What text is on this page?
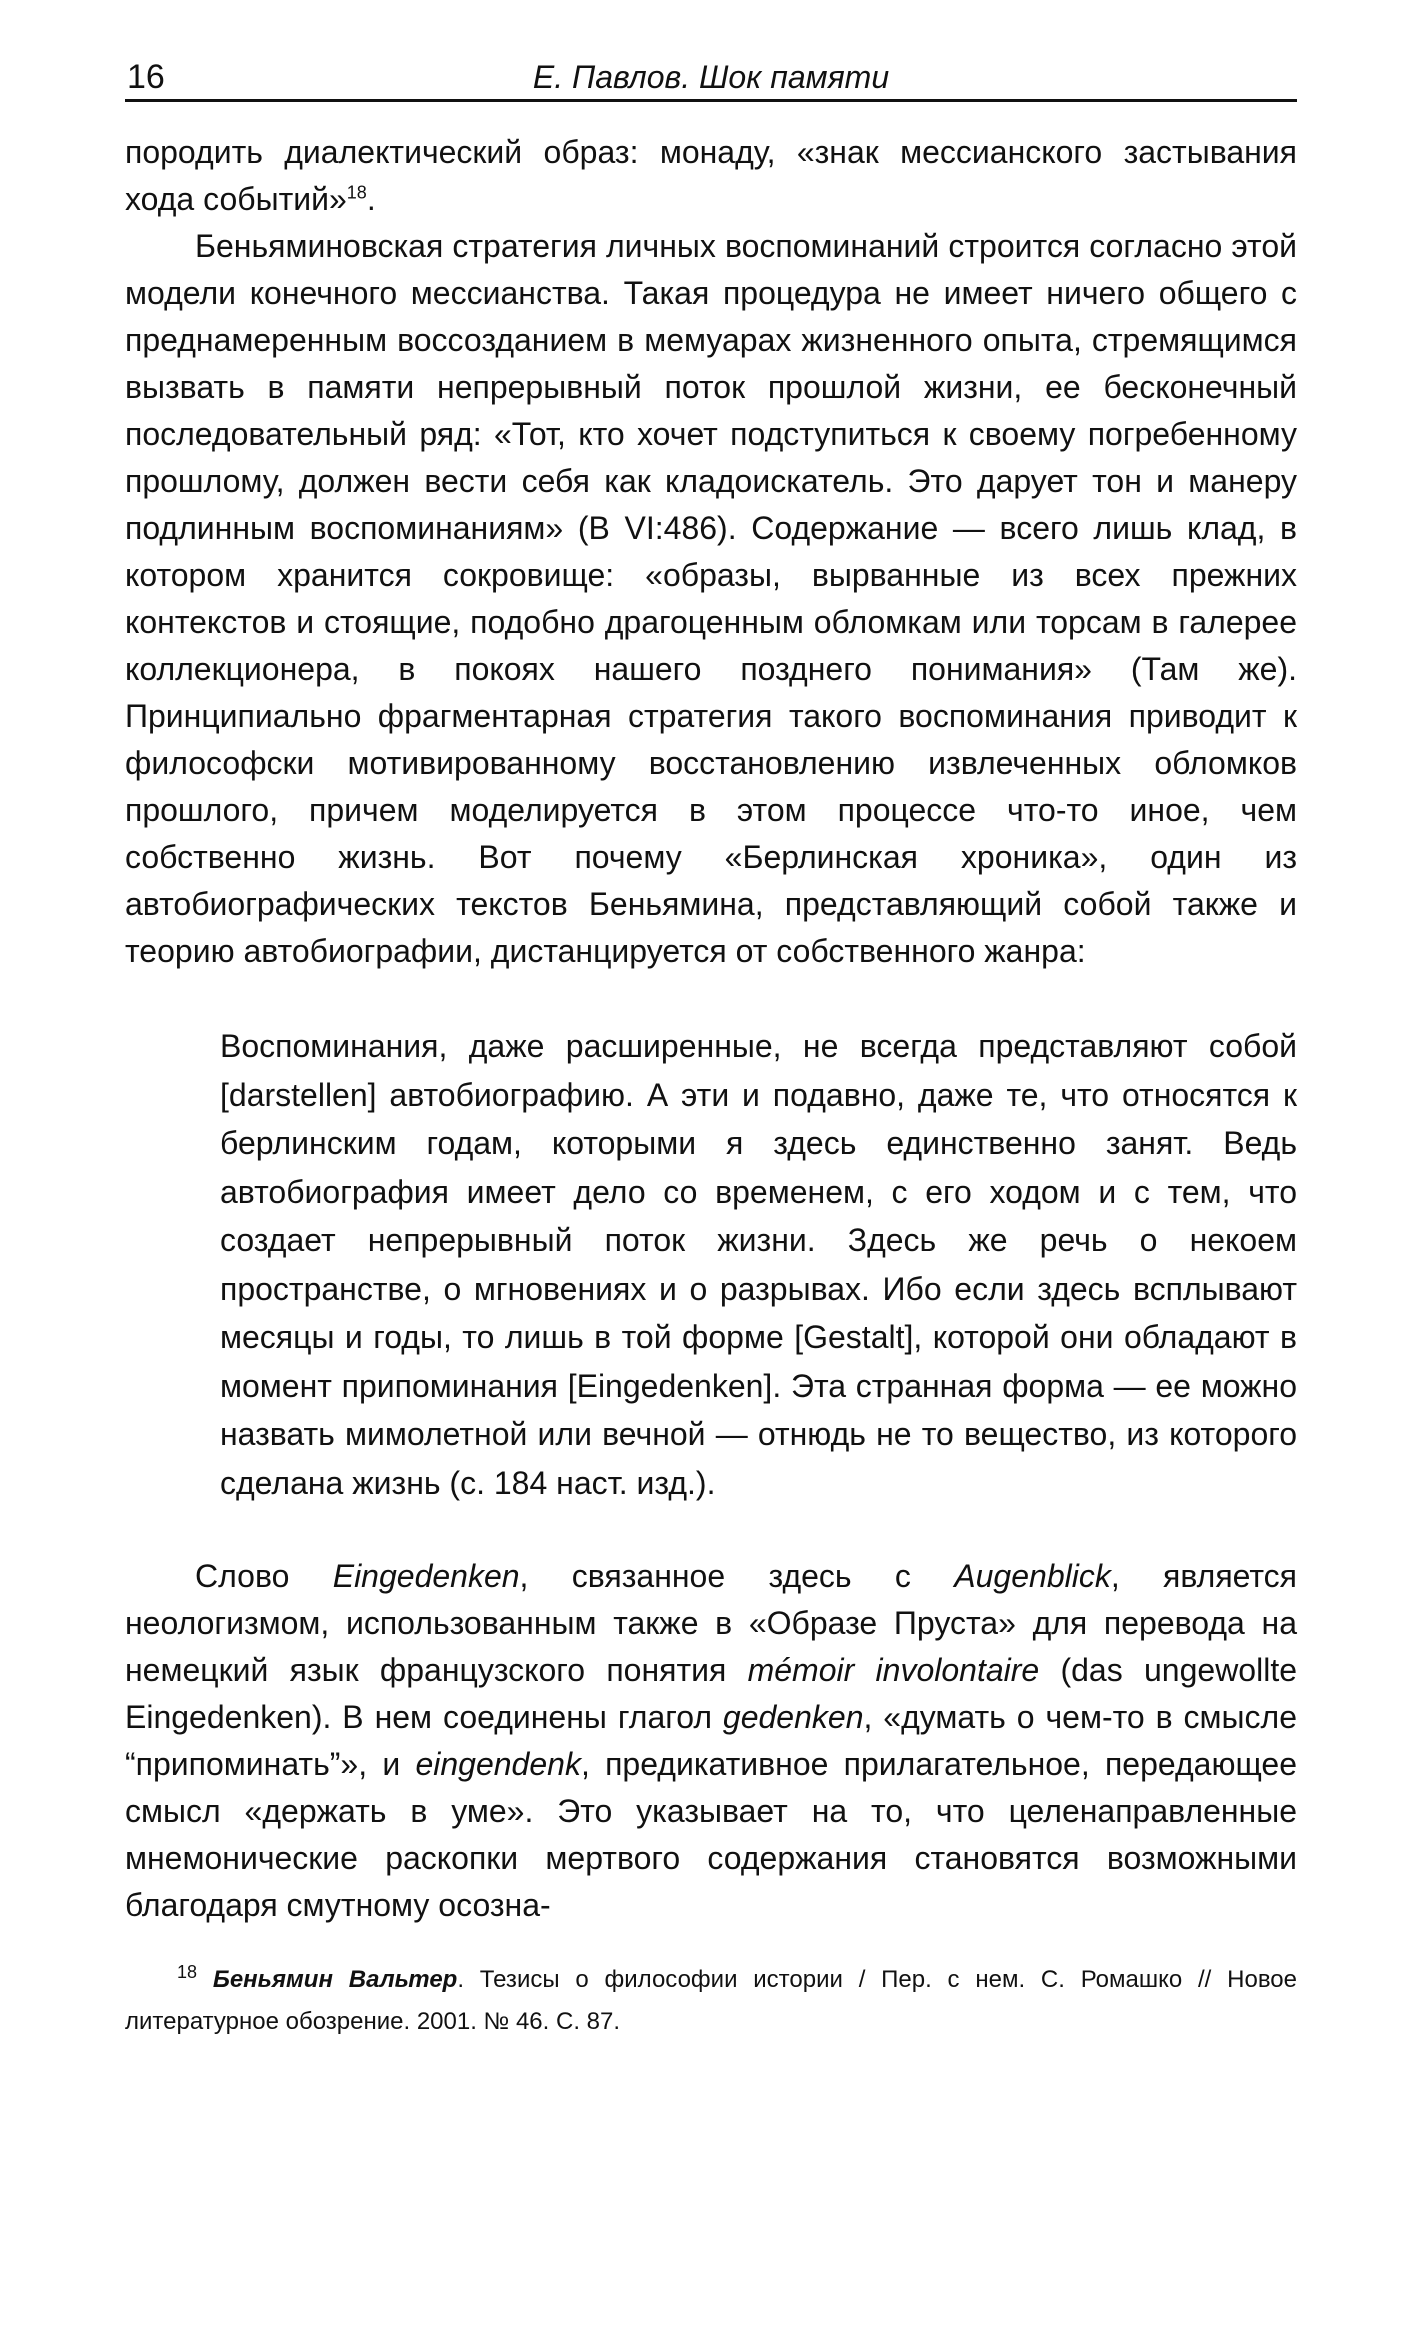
16	Е. Павлов. Шок памяти

породить диалектический образ: монаду, «знак мессианского застывания хода событий»$^{18}$.

Беньяминовская стратегия личных воспоминаний строится согласно этой модели конечного мессианства. Такая процедура не имеет ничего общего с преднамеренным воссозданием в мемуарах жизненного опыта, стремящимся вызвать в памяти непрерывный поток прошлой жизни, ее бесконечный последовательный ряд: «Тот, кто хочет подступиться к своему погребенному прошлому, должен вести себя как кладоискатель. Это дарует тон и манеру подлинным воспоминаниям» (B VI:486). Содержание — всего лишь клад, в котором хранится сокровище: «образы, вырванные из всех прежних контекстов и стоящие, подобно драгоценным обломкам или торсам в галерее коллекционера, в покоях нашего позднего понимания» (Там же). Принципиально фрагментарная стратегия такого воспоминания приводит к философски мотивированному восстановлению извлеченных обломков прошлого, причем моделируется в этом процессе что-то иное, чем собственно жизнь. Вот почему «Берлинская хроника», один из автобиографических текстов Беньямина, представляющий собой также и теорию автобиографии, дистанцируется от собственного жанра:

Воспоминания, даже расширенные, не всегда представляют собой [darstellen] автобиографию. А эти и подавно, даже те, что относятся к берлинским годам, которыми я здесь единственно занят. Ведь автобиография имеет дело со временем, с его ходом и с тем, что создает непрерывный поток жизни. Здесь же речь о некоем пространстве, о мгновениях и о разрывах. Ибо если здесь всплывают месяцы и годы, то лишь в той форме [Gestalt], которой они обладают в момент припоминания [Eingedenken]. Эта странная форма — ее можно назвать мимолетной или вечной — отнюдь не то вещество, из которого сделана жизнь (с. 184 наст. изд.).

Слово Eingedenken, связанное здесь с Augenblick, является неологизмом, использованным также в «Образе Пруста» для перевода на немецкий язык французского понятия mémoir involontaire (das ungewollte Eingedenken). В нем соединены глагол gedenken, «думать о чем-то в смысле “припоминать”», и eingendenk, предикативное прилагательное, передающее смысл «держать в уме». Это указывает на то, что целенаправленные мнемонические раскопки мертвого содержания становятся возможными благодаря смутному осозна-

$^{18}$ Беньямин Вальтер. Тезисы о философии истории / Пер. с нем. С. Ромашко // Новое литературное обозрение. 2001. № 46. С. 87.
